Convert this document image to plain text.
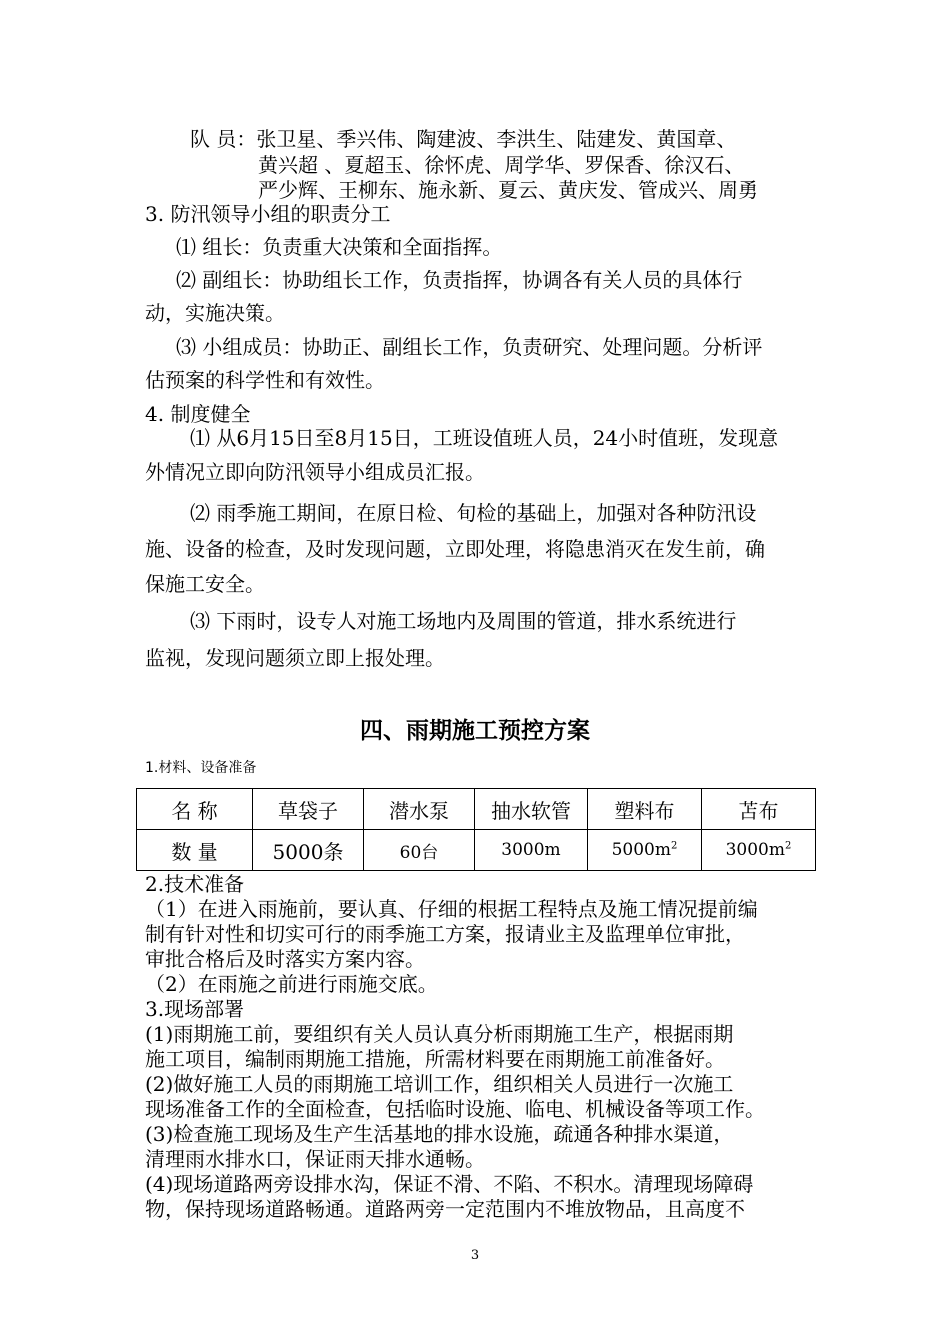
队 员：张卫星、季兴伟、陶建波、李洪生、陆建发、黄国章、
黄兴超 、夏超玉、徐怀虎、周学华、罗保香、徐汉石、
严少辉、王柳东、施永新、夏云、黄庆发、管成兴、周勇
3. 防汛领导小组的职责分工
⑴ 组长：负责重大决策和全面指挥。
⑵ 副组长：协助组长工作，负责指挥，协调各有关人员的具体行
动，实施决策。
⑶ 小组成员：协助正、副组长工作，负责研究、处理问题。分析评
估预案的科学性和有效性。
4. 制度健全
⑴ 从6月15日至8月15日，工班设值班人员，24小时值班，发现意
外情况立即向防汛领导小组成员汇报。
⑵ 雨季施工期间，在原日检、旬检的基础上，加强对各种防汛设
施、设备的检查，及时发现问题，立即处理，将隐患消灭在发生前，确
保施工安全。
⑶ 下雨时，设专人对施工场地内及周围的管道，排水系统进行
监视，发现问题须立即上报处理。
四、雨期施工预控方案
1.材料、设备准备
名 称	草袋子	潜水泵	抽水软管	塑料布	苫布
数 量	5000条	60台	3000m	$5000m^2$	$3000m^2$
2.技术准备
（1）在进入雨施前，要认真、仔细的根据工程特点及施工情况提前编
制有针对性和切实可行的雨季施工方案，报请业主及监理单位审批，
审批合格后及时落实方案内容。
（2）在雨施之前进行雨施交底。
3.现场部署
(1)雨期施工前，要组织有关人员认真分析雨期施工生产，根据雨期
施工项目，编制雨期施工措施，所需材料要在雨期施工前准备好。
(2)做好施工人员的雨期施工培训工作，组织相关人员进行一次施工
现场准备工作的全面检查，包括临时设施、临电、机械设备等项工作。
(3)检查施工现场及生产生活基地的排水设施，疏通各种排水渠道，
清理雨水排水口，保证雨天排水通畅。
(4)现场道路两旁设排水沟，保证不滑、不陷、不积水。清理现场障碍
物，保持现场道路畅通。道路两旁一定范围内不堆放物品，且高度不
3
